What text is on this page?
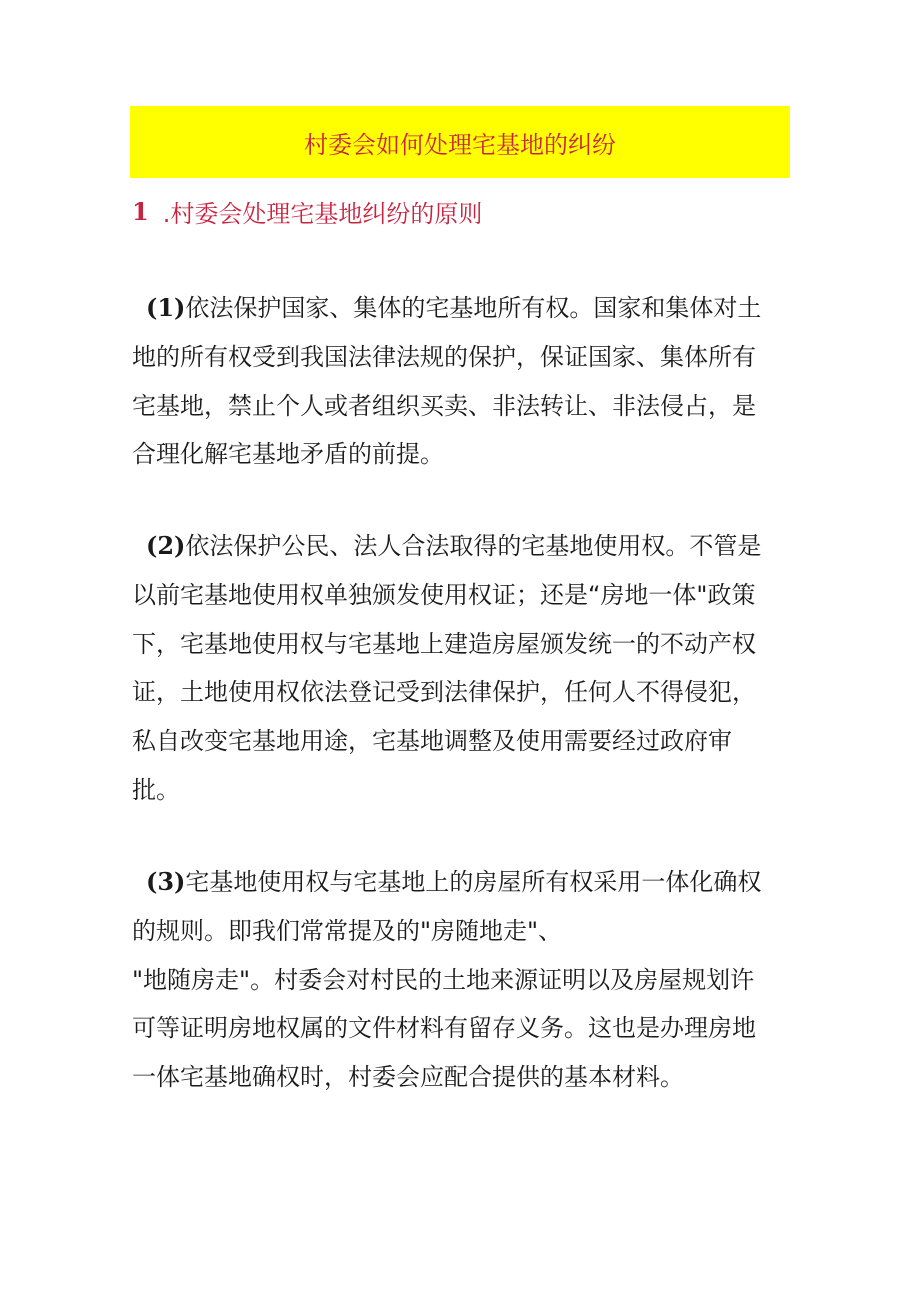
村委会如何处理宅基地的纠纷
1 .村委会处理宅基地纠纷的原则
(1)依法保护国家、集体的宅基地所有权。国家和集体对土
地的所有权受到我国法律法规的保护，保证国家、集体所有
宅基地，禁止个人或者组织买卖、非法转让、非法侵占，是
合理化解宅基地矛盾的前提。
(2)依法保护公民、法人合法取得的宅基地使用权。不管是
以前宅基地使用权单独颁发使用权证；还是“房地一体"政策
下，宅基地使用权与宅基地上建造房屋颁发统一的不动产权
证，土地使用权依法登记受到法律保护，任何人不得侵犯，
私自改变宅基地用途，宅基地调整及使用需要经过政府审
批。
(3)宅基地使用权与宅基地上的房屋所有权采用一体化确权
的规则。即我们常常提及的"房随地走"、
"地随房走"。村委会对村民的土地来源证明以及房屋规划许
可等证明房地权属的文件材料有留存义务。这也是办理房地
一体宅基地确权时，村委会应配合提供的基本材料。
